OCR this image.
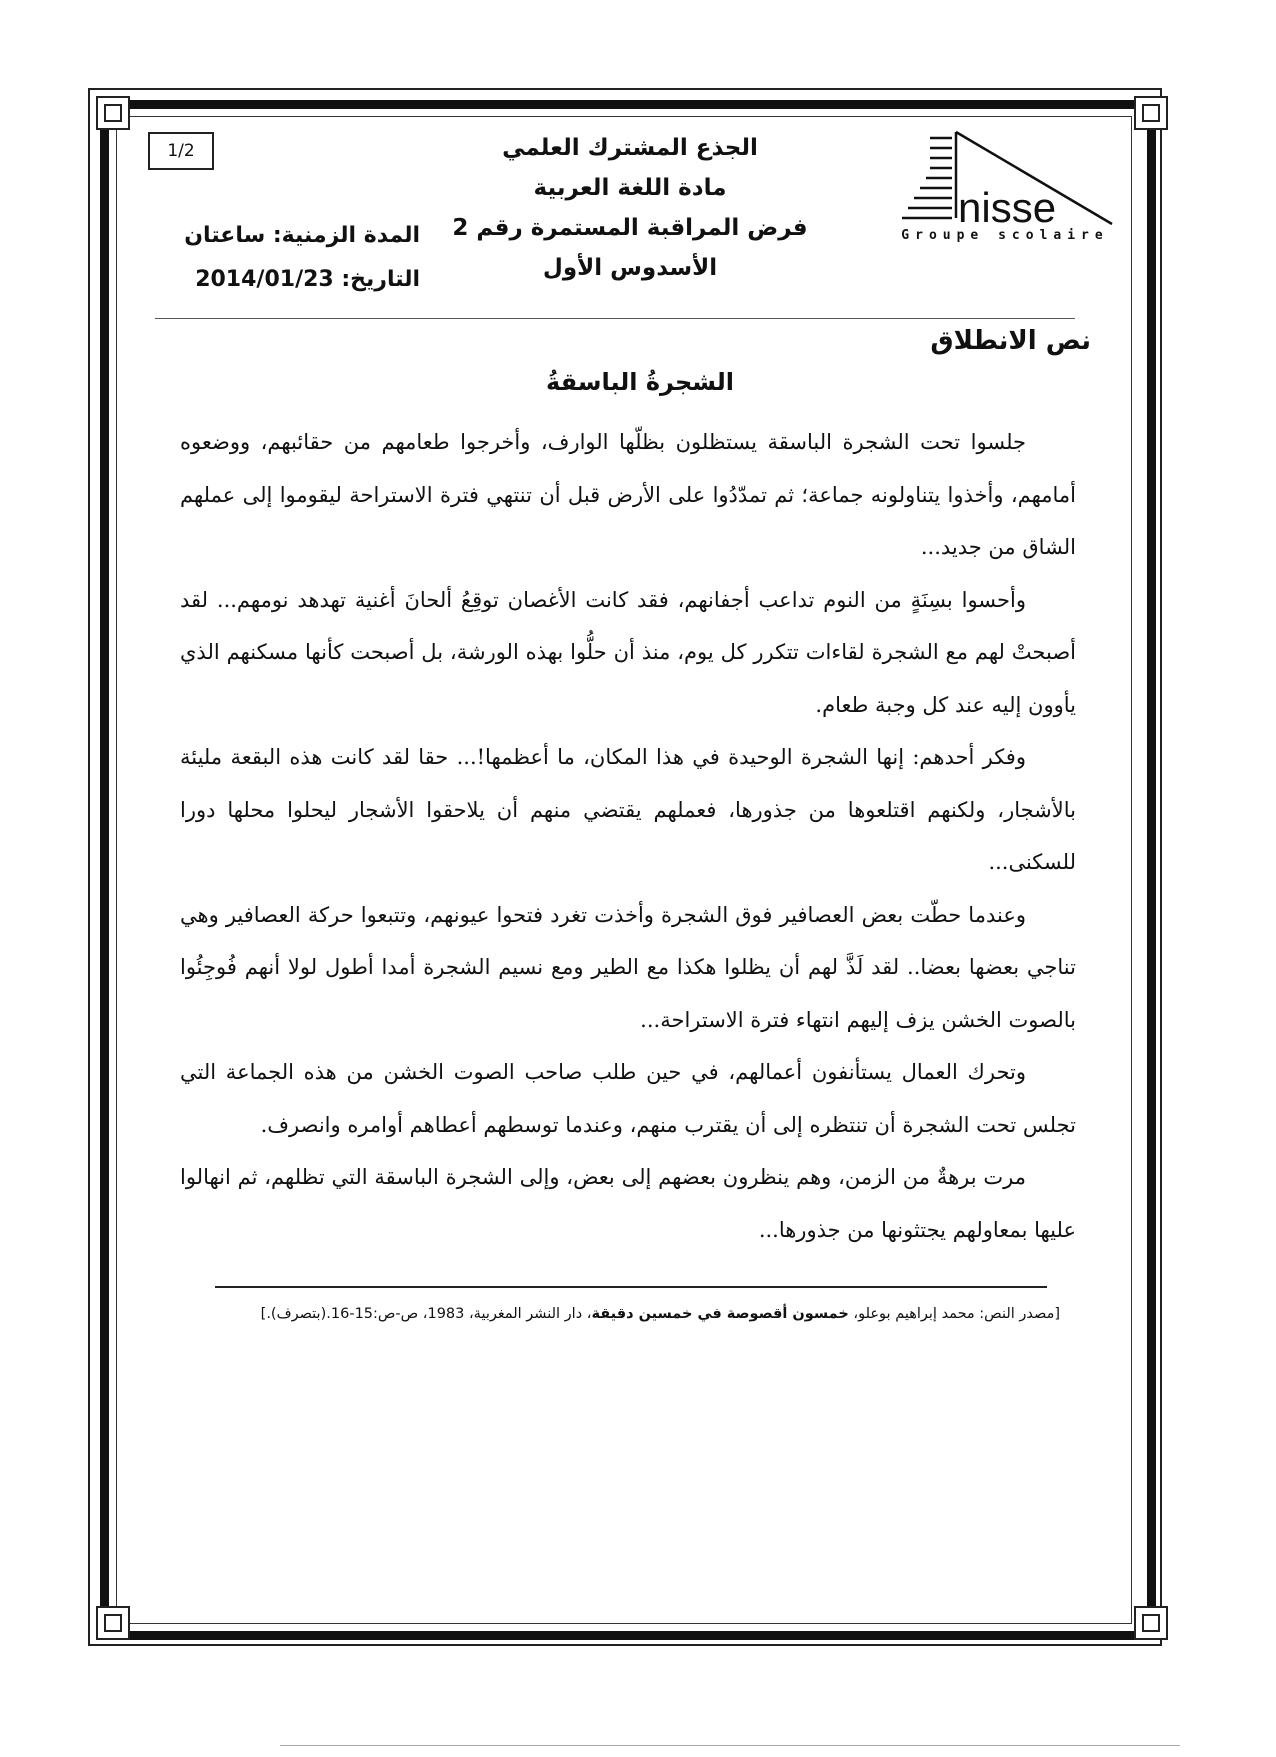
1/2	الجذع المشترك العلمي
مادة اللغة العربية
فرض المراقبة المستمرة رقم 2
الأسدوس الأول
المدة الزمنية: ساعتان
التاريخ: 2014/01/23
nisse
Groupe scolaire
نص الانطلاق
الشجرةُ الباسقةُ

جلسوا تحت الشجرة الباسقة يستظلون بظلّها الوارف، وأخرجوا طعامهم من حقائبهم، ووضعوه أمامهم، وأخذوا يتناولونه جماعة؛ ثم تمدّدُوا على الأرض قبل أن تنتهي فترة الاستراحة ليقوموا إلى عملهم الشاق من جديد...

وأحسوا بسِنَةٍ من النوم تداعب أجفانهم، فقد كانت الأغصان توقِعُ ألحانَ أغنية تهدهد نومهم... لقد أصبحتْ لهم مع الشجرة لقاءات تتكرر كل يوم، منذ أن حلُّوا بهذه الورشة، بل أصبحت كأنها مسكنهم الذي يأوون إليه عند كل وجبة طعام.

وفكر أحدهم: إنها الشجرة الوحيدة في هذا المكان، ما أعظمها!... حقا لقد كانت هذه البقعة مليئة بالأشجار، ولكنهم اقتلعوها من جذورها، فعملهم يقتضي منهم أن يلاحقوا الأشجار ليحلوا محلها دورا للسكنى...

وعندما حطّت بعض العصافير فوق الشجرة وأخذت تغرد فتحوا عيونهم، وتتبعوا حركة العصافير وهي تناجي بعضها بعضا.. لقد لَذَّ لهم أن يظلوا هكذا مع الطير ومع نسيم الشجرة أمدا أطول لولا أنهم فُوجِئُوا بالصوت الخشن يزف إليهم انتهاء فترة الاستراحة...

وتحرك العمال يستأنفون أعمالهم، في حين طلب صاحب الصوت الخشن من هذه الجماعة التي تجلس تحت الشجرة أن تنتظره إلى أن يقترب منهم، وعندما توسطهم أعطاهم أوامره وانصرف.

مرت برهةٌ من الزمن، وهم ينظرون بعضهم إلى بعض، وإلى الشجرة الباسقة التي تظلهم، ثم انهالوا عليها بمعاولهم يجتثونها من جذورها...

[مصدر النص: محمد إبراهيم بوعلو، خمسون أقصوصة في خمسين دقيقة، دار النشر المغربية، 1983، ص-ص:15-16.(بتصرف).]
